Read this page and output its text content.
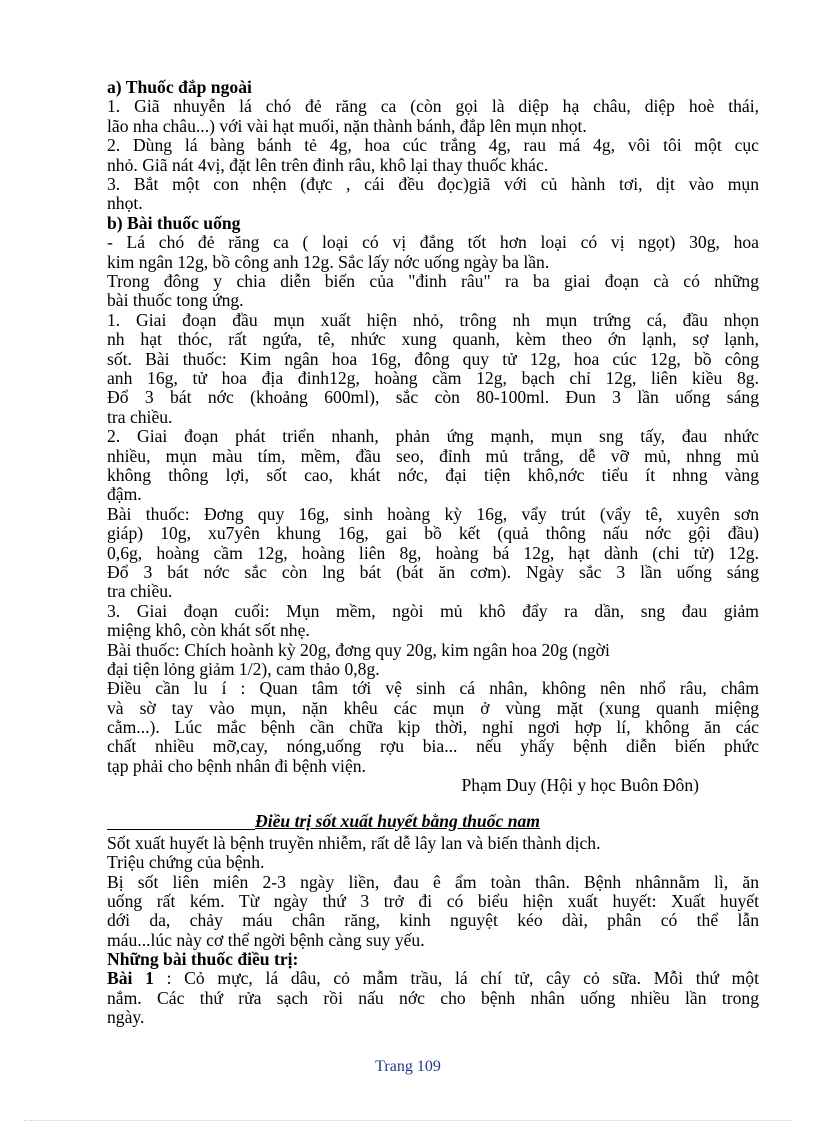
a) Thuốc đắp ngoài
1. Giã nhuyễn lá chó đẻ răng ca (còn gọi là diệp hạ châu, diệp hoè thái,
lão nha châu...) với vài hạt muối, nặn thành bánh, đắp lên mụn nhọt.
2. Dùng lá bàng bánh tẻ 4g, hoa cúc trắng 4g, rau má 4g, vôi tôi một cục
nhỏ. Giã nát 4vị, đặt lên trên đinh râu, khô lại thay thuốc khác.
3. Bắt một con nhện (đực , cái đều đọc)giã với củ hành tơi, dịt vào mụn
nhọt.
b) Bài thuốc uống
- Lá chó đẻ răng ca ( loại có vị đắng tốt hơn loại có vị ngọt) 30g, hoa
kim ngân 12g, bồ công anh 12g. Sắc lấy nớc uống ngày ba lần.
Trong đông y chia diễn biến của "đinh râu" ra ba giai đoạn cà có những
bài thuốc tong ứng.
1. Giai đoạn đầu mụn xuất hiện nhỏ, trông nh mụn trứng cá, đầu nhọn
nh hạt thóc, rất ngứa, tê, nhức xung quanh, kèm theo ớn lạnh, sợ lạnh,
sốt. Bài thuốc: Kim ngân hoa 16g, đông quy tử 12g, hoa cúc 12g, bồ công
anh 16g, tử hoa địa đinh12g, hoàng cầm 12g, bạch chỉ 12g, liên kiều 8g.
Đổ 3 bát nớc (khoảng 600ml), sắc còn 80-100ml. Đun 3 lần uống sáng
tra chiều.
2. Giai đoạn phát triển nhanh, phản ứng mạnh, mụn sng tấy, đau nhức
nhiều, mụn màu tím, mềm, đầu seo, đỉnh mủ trắng, dễ vỡ mủ, nhng mủ
không thông lợi, sốt cao, khát nớc, đại tiện khô,nớc tiểu ít nhng vàng
đậm.
Bài thuốc: Đơng quy 16g, sinh hoàng kỳ 16g, vẩy trút (vẩy tê, xuyên sơn
giáp) 10g, xu7yên khung 16g, gai bồ kết (quả thông nấu nớc gội đầu)
0,6g, hoàng cầm 12g, hoàng liên 8g, hoàng bá 12g, hạt dành (chi tử) 12g.
Đổ 3 bát nớc sắc còn lng bát (bát ăn cơm). Ngày sắc 3 lần uống sáng
tra chiều.
3. Giai đoạn cuối: Mụn mềm, ngòi mủ khô đẩy ra dần, sng đau giảm
miệng khô, còn khát sốt nhẹ.
Bài thuốc: Chích hoành kỳ 20g, đơng quy 20g, kim ngân hoa 20g (ngời
đại tiện lỏng giảm 1/2), cam thảo 0,8g.
Điều cần lu í : Quan tâm tới vệ sinh cá nhân, không nên nhổ râu, châm
và sờ tay vào mụn, nặn khêu các mụn ở vùng mặt (xung quanh miệng
cằm...). Lúc mắc bệnh cần chữa kịp thời, nghỉ ngơi hợp lí, không ăn các
chất nhiều mỡ,cay, nóng,uống rợu bia... nếu yhấy bệnh diễn biến phức
tạp phải cho bệnh nhân đi bệnh viện.
Phạm Duy (Hội y học Buôn Đôn)
Điều trị sốt xuất huyết bằng thuốc nam
Sốt xuất huyết là bệnh truyền nhiễm, rất dễ lây lan và biến thành dịch.
Triệu chứng của bệnh.
Bị sốt liên miên 2-3 ngày liền, đau ê ẩm toàn thân. Bệnh nhânnằm lì, ăn
uống rất kém. Từ ngày thứ 3 trở đi có biểu hiện xuất huyết: Xuất huyết
dới da, chảy máu chân răng, kinh nguyệt kéo dài, phân có thể lẫn
máu...lúc này cơ thể ngời bệnh càng suy yếu.
Những bài thuốc điều trị:
Bài 1 : Cỏ mực, lá dâu, cỏ mẫm trầu, lá chí tử, cây cỏ sữa. Mỗi thứ một
nắm. Các thứ rửa sạch rồi nấu nớc cho bệnh nhân uống nhiều lần trong
ngày.
Trang 109
